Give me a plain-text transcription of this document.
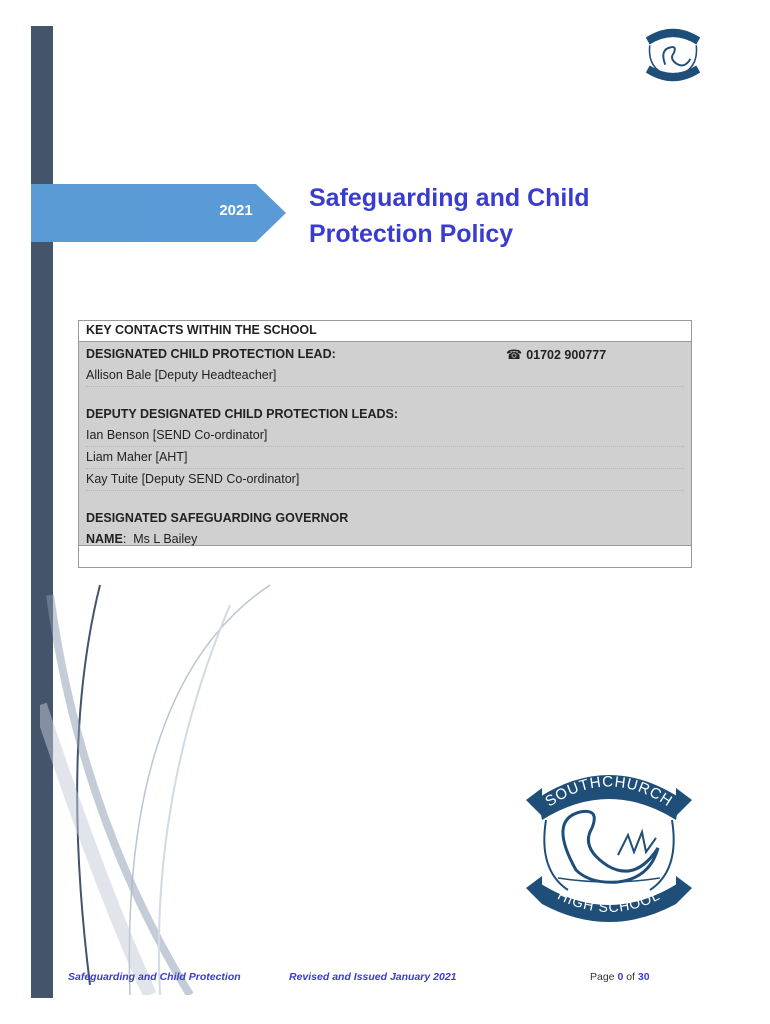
2021	Safeguarding and Child
Protection Policy
KEY CONTACTS WITHIN THE SCHOOL
DESIGNATED CHILD PROTECTION LEAD:	☎ 01702 900777
Allison Bale [Deputy Headteacher]
DEPUTY DESIGNATED CHILD PROTECTION LEADS:
Ian Benson [SEND Co-ordinator]
Liam Maher [AHT]
Kay Tuite [Deputy SEND Co-ordinator]
DESIGNATED SAFEGUARDING GOVERNOR
NAME:  Ms L Bailey
SOUTHCHURCH
HIGH SCHOOL
Safeguarding and Child Protection	Revised and Issued January 2021	Page 0 of 30
